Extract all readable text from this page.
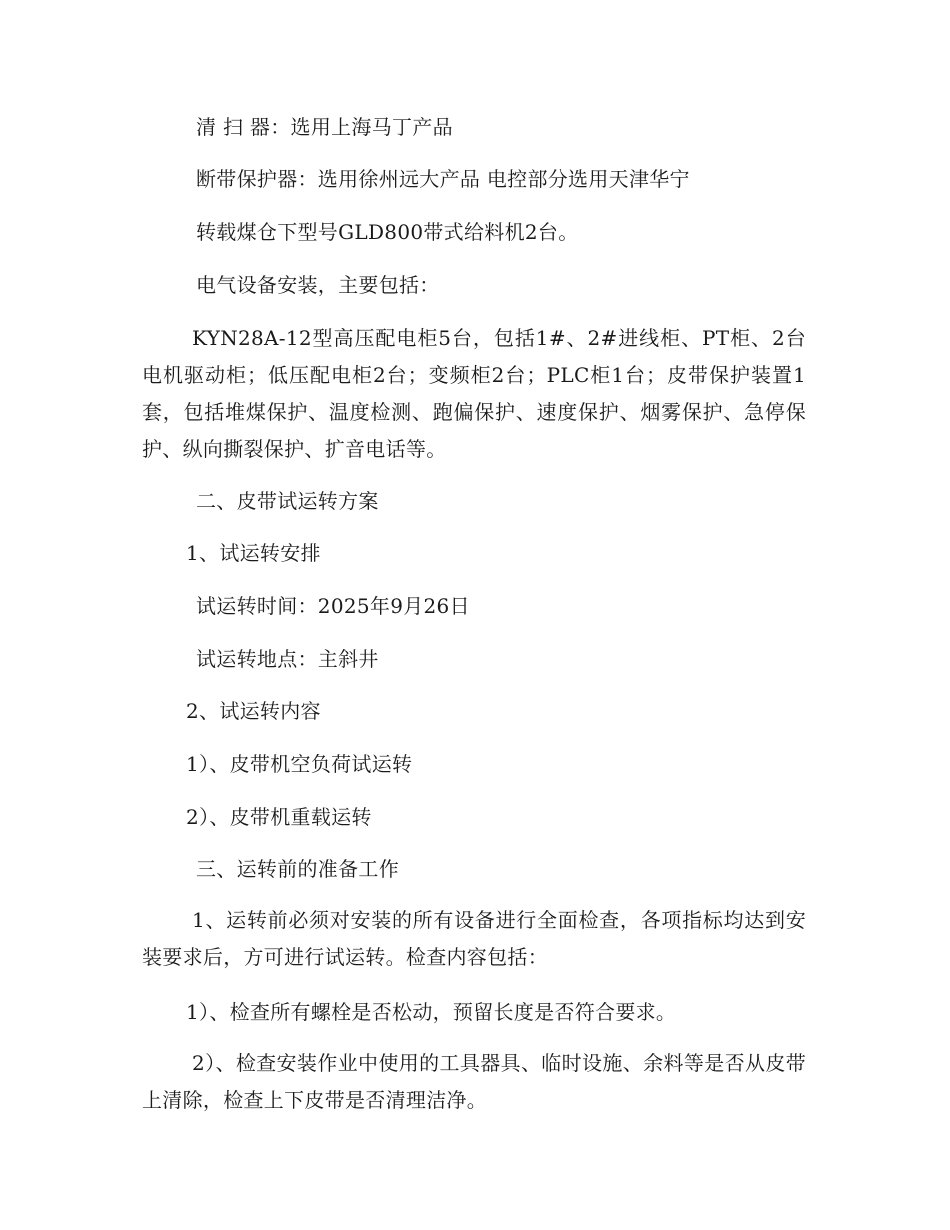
清 扫 器：选用上海马丁产品
断带保护器：选用徐州远大产品 电控部分选用天津华宁
转载煤仓下型号GLD800带式给料机2台。
电气设备安装，主要包括：

KYN28A-12型高压配电柜5台，包括1#、2#进线柜、PT柜、2台电机驱动柜；低压配电柜2台；变频柜2台；PLC柜1台；皮带保护装置1套，包括堆煤保护、温度检测、跑偏保护、速度保护、烟雾保护、急停保护、纵向撕裂保护、扩音电话等。

二、皮带试运转方案
1、试运转安排
试运转时间：2025年9月26日
试运转地点：主斜井
2、试运转内容
1）、皮带机空负荷试运转
2）、皮带机重载运转
三、运转前的准备工作

1、运转前必须对安装的所有设备进行全面检查，各项指标均达到安装要求后，方可进行试运转。检查内容包括：

1）、检查所有螺栓是否松动，预留长度是否符合要求。

2）、检查安装作业中使用的工具器具、临时设施、余料等是否从皮带上清除，检查上下皮带是否清理洁净。
